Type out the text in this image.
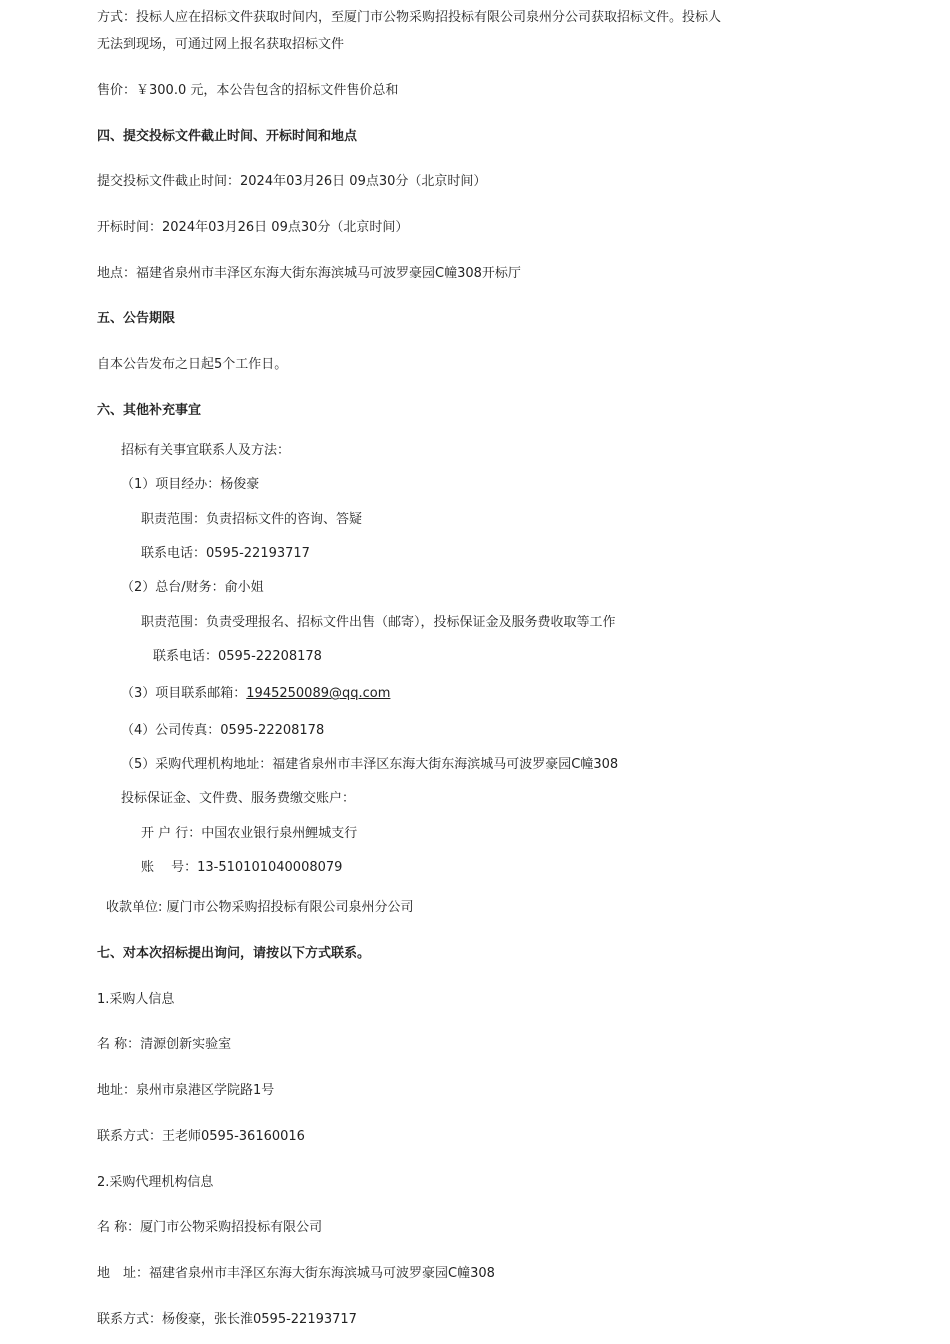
方式：投标人应在招标文件获取时间内，至厦门市公物采购招投标有限公司泉州分公司获取招标文件。投标人
无法到现场，可通过网上报名获取招标文件
售价：￥300.0 元，本公告包含的招标文件售价总和
四、提交投标文件截止时间、开标时间和地点
提交投标文件截止时间：2024年03月26日 09点30分（北京时间）
开标时间：2024年03月26日 09点30分（北京时间）
地点：福建省泉州市丰泽区东海大街东海滨城马可波罗豪园C幢308开标厅
五、公告期限
自本公告发布之日起5个工作日。
六、其他补充事宜
招标有关事宜联系人及方法：
（1）项目经办：杨俊豪
职责范围：负责招标文件的咨询、答疑
联系电话：0595-22193717
（2）总台/财务：俞小姐
职责范围：负责受理报名、招标文件出售（邮寄），投标保证金及服务费收取等工作
联系电话：0595-22208178
（3）项目联系邮箱：1945250089@qq.com
（4）公司传真：0595-22208178
（5）采购代理机构地址：福建省泉州市丰泽区东海大街东海滨城马可波罗豪园C幢308
投标保证金、文件费、服务费缴交账户：
开 户 行：中国农业银行泉州鲤城支行
账　 号：13-510101040008079
收款单位: 厦门市公物采购招投标有限公司泉州分公司
七、对本次招标提出询问，请按以下方式联系。
1.采购人信息
名 称：清源创新实验室
地址：泉州市泉港区学院路1号
联系方式：王老师0595-36160016
2.采购代理机构信息
名 称：厦门市公物采购招投标有限公司
地　址：福建省泉州市丰泽区东海大街东海滨城马可波罗豪园C幢308
联系方式：杨俊豪，张长淮0595-22193717
